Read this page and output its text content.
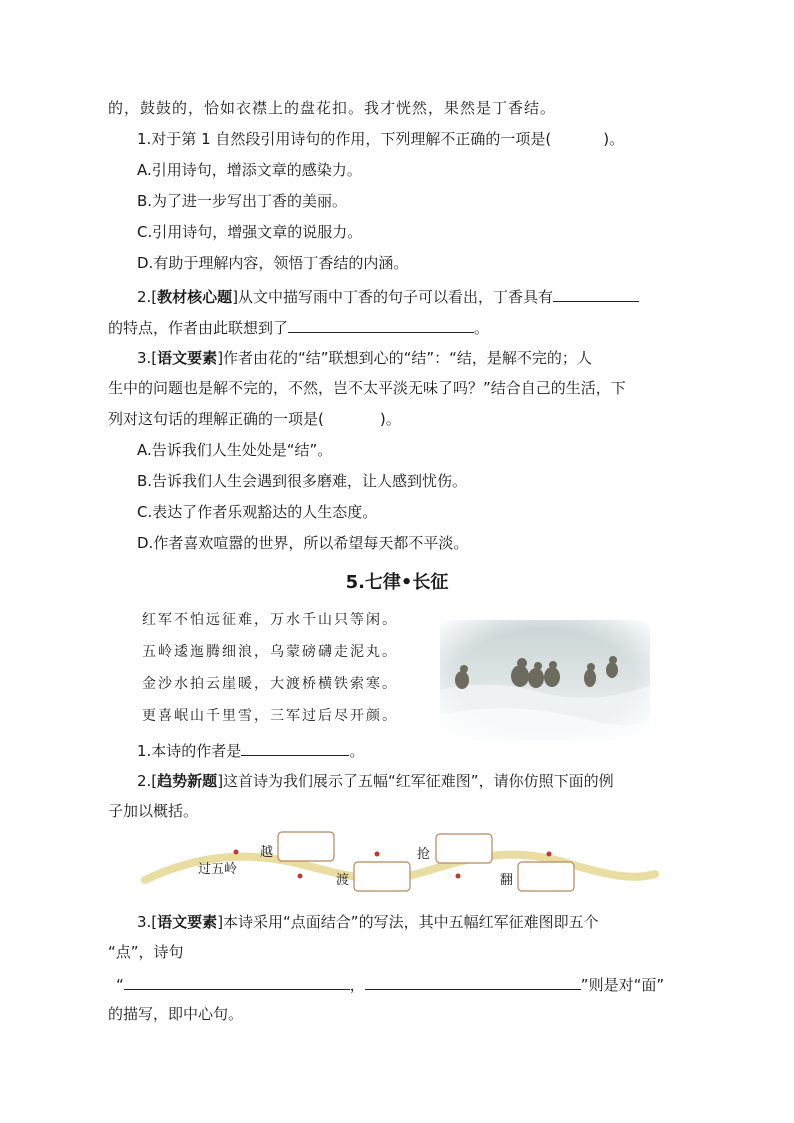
的，鼓鼓的，恰如衣襟上的盘花扣。我才恍然，果然是丁香结。
1.对于第 1 自然段引用诗句的作用，下列理解不正确的一项是(	)。
A.引用诗句，增添文章的感染力。
B.为了进一步写出丁香的美丽。
C.引用诗句，增强文章的说服力。
D.有助于理解内容，领悟丁香结的内涵。
2.[教材核心题]从文中描写雨中丁香的句子可以看出，丁香具有
的特点，作者由此联想到了	。
3.[语文要素]作者由花的“结”联想到心的“结”：“结，是解不完的；人
生中的问题也是解不完的，不然，岂不太平淡无味了吗？”结合自己的生活，下
列对这句话的理解正确的一项是(	)。
A.告诉我们人生处处是“结”。
B.告诉我们人生会遇到很多磨难，让人感到忧伤。
C.表达了作者乐观豁达的人生态度。
D.作者喜欢喧嚣的世界，所以希望每天都不平淡。
5.七律•长征
红军不怕远征难，万水千山只等闲。
五岭逶迤腾细浪，乌蒙磅礴走泥丸。
金沙水拍云崖暖，大渡桥横铁索寒。
更喜岷山千里雪，三军过后尽开颜。
1.本诗的作者是	。
2.[趋势新题]这首诗为我们展示了五幅“红军征难图”，请你仿照下面的例
子加以概括。
过五岭
越
渡
抢
翻
3.[语文要素]本诗采用“点面结合”的写法，其中五幅红军征难图即五个
“点”，诗句
“	，	”则是对“面”
的描写，即中心句。
